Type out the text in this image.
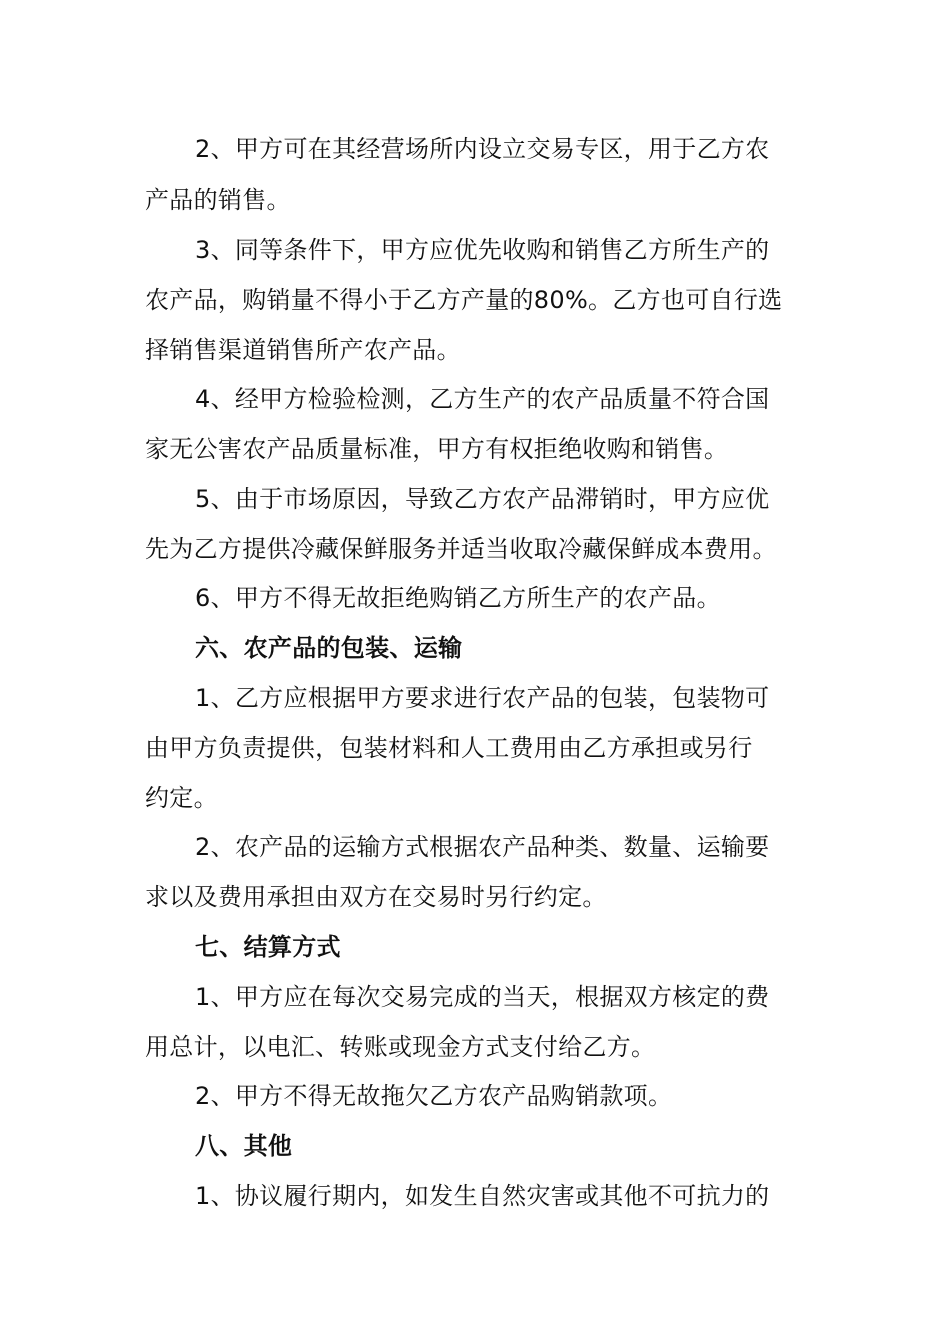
2、甲方可在其经营场所内设立交易专区，用于乙方农
产品的销售。
3、同等条件下，甲方应优先收购和销售乙方所生产的
农产品，购销量不得小于乙方产量的80%。乙方也可自行选
择销售渠道销售所产农产品。
4、经甲方检验检测，乙方生产的农产品质量不符合国
家无公害农产品质量标准，甲方有权拒绝收购和销售。
5、由于市场原因，导致乙方农产品滞销时，甲方应优
先为乙方提供冷藏保鲜服务并适当收取冷藏保鲜成本费用。
6、甲方不得无故拒绝购销乙方所生产的农产品。
六、农产品的包装、运输
1、乙方应根据甲方要求进行农产品的包装，包装物可
由甲方负责提供，包装材料和人工费用由乙方承担或另行
约定。
2、农产品的运输方式根据农产品种类、数量、运输要
求以及费用承担由双方在交易时另行约定。
七、结算方式
1、甲方应在每次交易完成的当天，根据双方核定的费
用总计，以电汇、转账或现金方式支付给乙方。
2、甲方不得无故拖欠乙方农产品购销款项。
八、其他
1、协议履行期内，如发生自然灾害或其他不可抗力的
